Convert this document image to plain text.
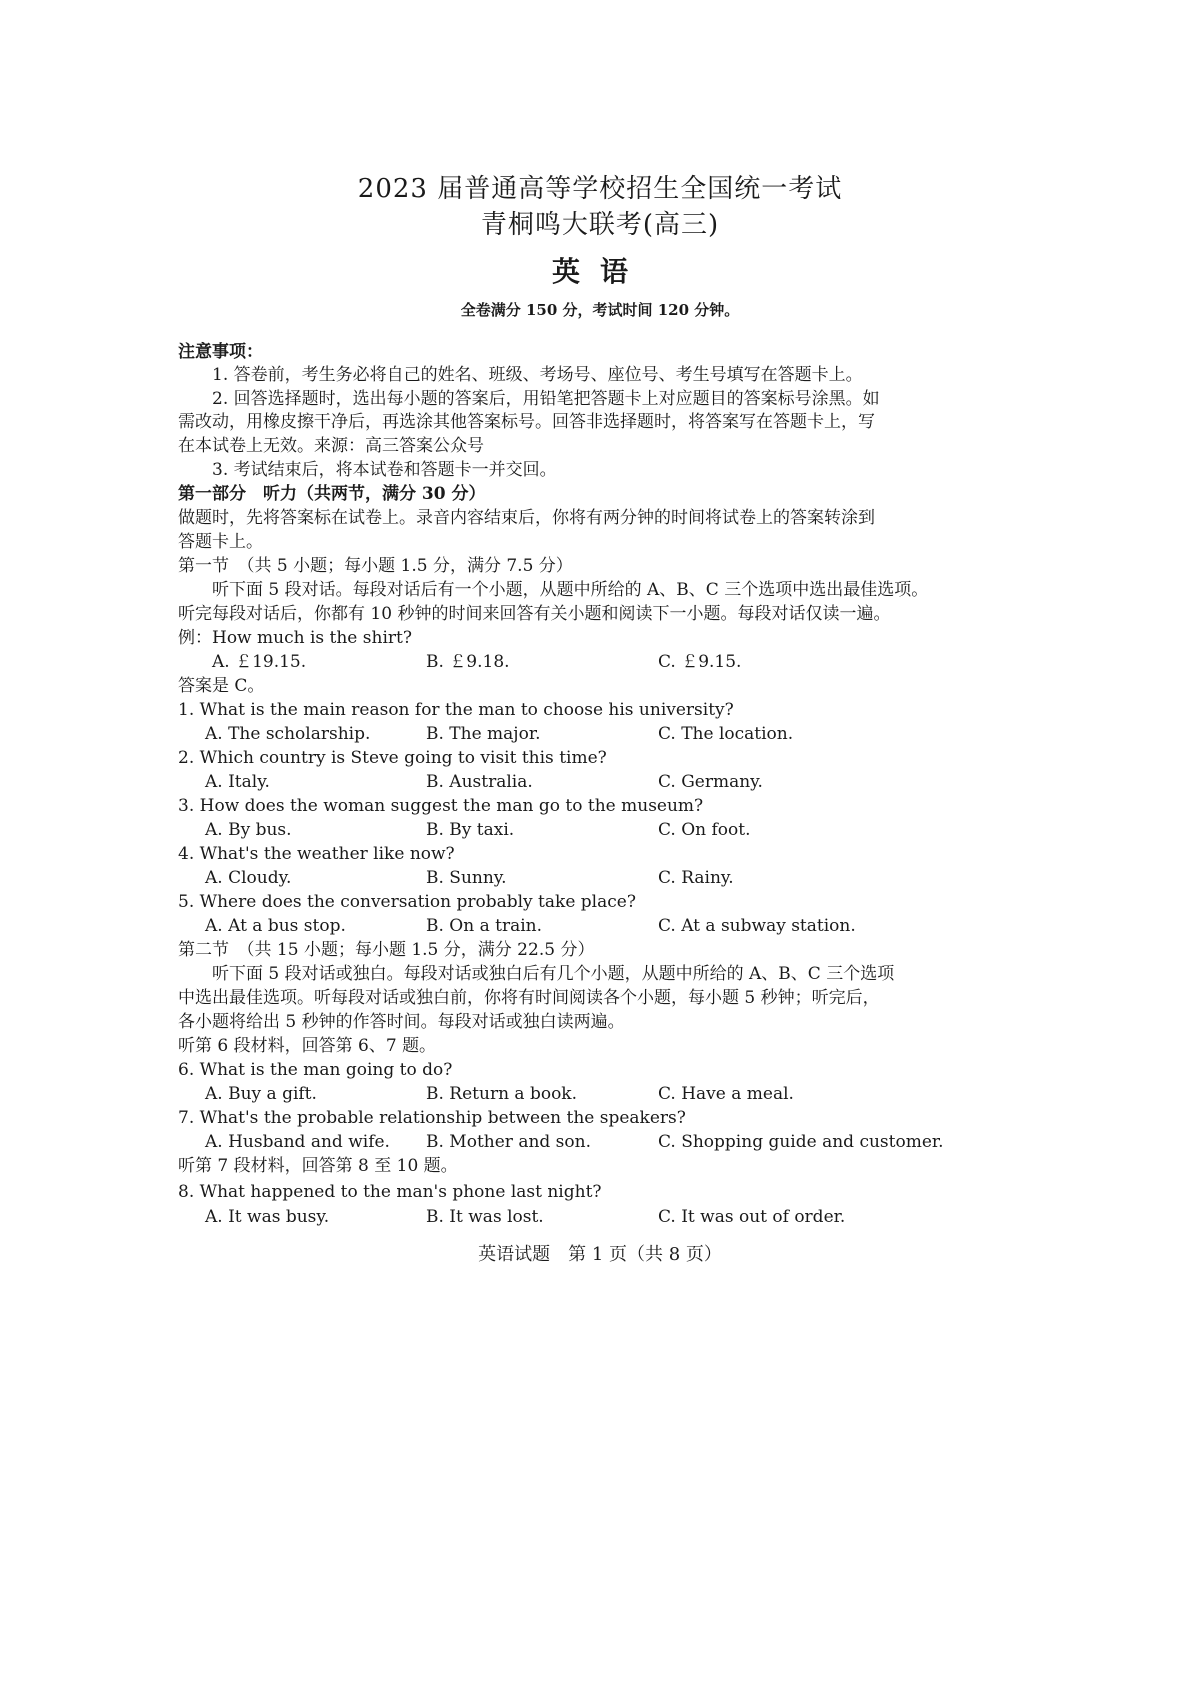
2023 届普通高等学校招生全国统一考试
青桐鸣大联考(高三)
英语
全卷满分 150 分，考试时间 120 分钟。
注意事项：
1. 答卷前，考生务必将自己的姓名、班级、考场号、座位号、考生号填写在答题卡上。
2. 回答选择题时，选出每小题的答案后，用铅笔把答题卡上对应题目的答案标号涂黑。如
需改动，用橡皮擦干净后，再选涂其他答案标号。回答非选择题时，将答案写在答题卡上，写
在本试卷上无效。来源：高三答案公众号
3. 考试结束后，将本试卷和答题卡一并交回。
第一部分　听力（共两节，满分 30 分）
做题时，先将答案标在试卷上。录音内容结束后，你将有两分钟的时间将试卷上的答案转涂到
答题卡上。
第一节　（共 5 小题；每小题 1.5 分，满分 7.5 分）
听下面 5 段对话。每段对话后有一个小题，从题中所给的 A、B、C 三个选项中选出最佳选项。
听完每段对话后，你都有 10 秒钟的时间来回答有关小题和阅读下一小题。每段对话仅读一遍。
例：How much is the shirt?
A. ￡19.15.	B. ￡9.18.	C. ￡9.15.
答案是 C。
1. What is the main reason for the man to choose his university?
A. The scholarship.	B. The major.	C. The location.
2. Which country is Steve going to visit this time?
A. Italy.	B. Australia.	C. Germany.
3. How does the woman suggest the man go to the museum?
A. By bus.	B. By taxi.	C. On foot.
4. What's the weather like now?
A. Cloudy.	B. Sunny.	C. Rainy.
5. Where does the conversation probably take place?
A. At a bus stop.	B. On a train.	C. At a subway station.
第二节　（共 15 小题；每小题 1.5 分，满分 22.5 分）
听下面 5 段对话或独白。每段对话或独白后有几个小题，从题中所给的 A、B、C 三个选项
中选出最佳选项。听每段对话或独白前，你将有时间阅读各个小题，每小题 5 秒钟；听完后，
各小题将给出 5 秒钟的作答时间。每段对话或独白读两遍。
听第 6 段材料，回答第 6、7 题。
6. What is the man going to do?
A. Buy a gift.	B. Return a book.	C. Have a meal.
7. What's the probable relationship between the speakers?
A. Husband and wife. B. Mother and son.	C. Shopping guide and customer.
听第 7 段材料，回答第 8 至 10 题。
8. What happened to the man's phone last night?
A. It was busy.	B. It was lost.	C. It was out of order.
英语试题　第 1 页（共 8 页）
